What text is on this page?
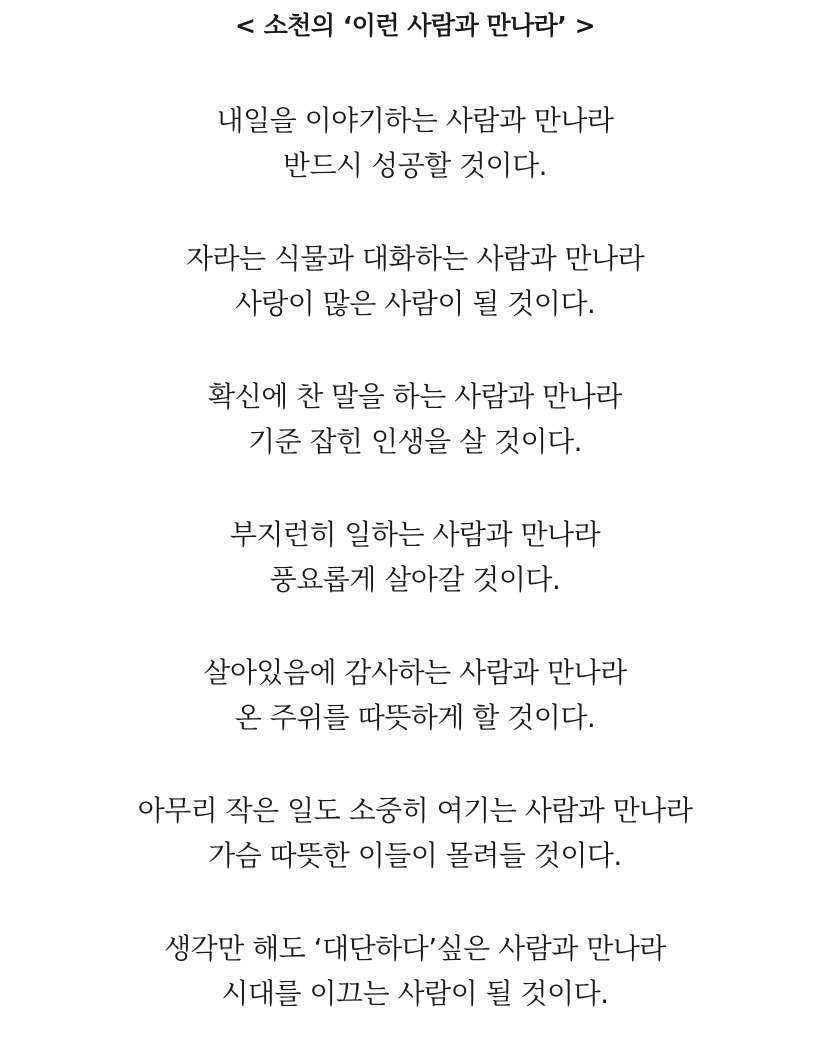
< 소천의 ‘이런 사람과 만나라’ >
내일을 이야기하는 사람과 만나라
반드시 성공할 것이다.
자라는 식물과 대화하는 사람과 만나라
사랑이 많은 사람이 될 것이다.
확신에 찬 말을 하는 사람과 만나라
기준 잡힌 인생을 살 것이다.
부지런히 일하는 사람과 만나라
풍요롭게 살아갈 것이다.
살아있음에 감사하는 사람과 만나라
온 주위를 따뜻하게 할 것이다.
아무리 작은 일도 소중히 여기는 사람과 만나라
가슴 따뜻한 이들이 몰려들 것이다.
생각만 해도 ‘대단하다’싶은 사람과 만나라
시대를 이끄는 사람이 될 것이다.
